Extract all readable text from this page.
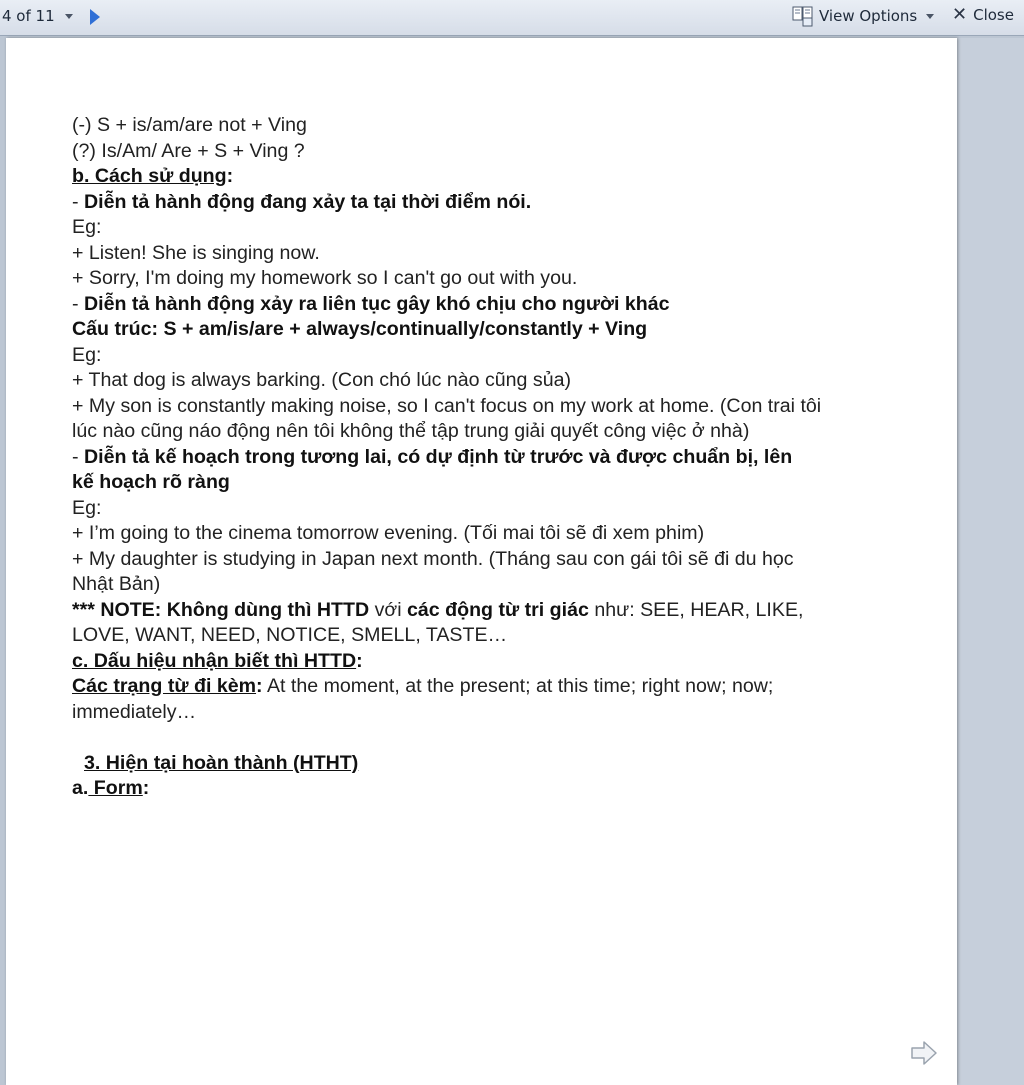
4 of 11	View Options ✕ Close
(-) S + is/am/are not + Ving
(?) Is/Am/ Are + S + Ving ?
b. Cách sử dụng:
- Diễn tả hành động đang xảy ta tại thời điểm nói.
Eg:
+ Listen! She is singing now.
+ Sorry, I'm doing my homework so I can't go out with you.
- Diễn tả hành động xảy ra liên tục gây khó chịu cho người khác
Cấu trúc: S + am/is/are + always/continually/constantly + Ving
Eg:
+ That dog is always barking. (Con chó lúc nào cũng sủa)
+ My son is constantly making noise, so I can't focus on my work at home. (Con trai tôi
lúc nào cũng náo động nên tôi không thể tập trung giải quyết công việc ở nhà)
- Diễn tả kế hoạch trong tương lai, có dự định từ trước và được chuẩn bị, lên
kế hoạch rõ ràng
Eg:
+ I’m going to the cinema tomorrow evening. (Tối mai tôi sẽ đi xem phim)
+ My daughter is studying in Japan next month. (Tháng sau con gái tôi sẽ đi du học
Nhật Bản)
*** NOTE: Không dùng thì HTTD với các động từ tri giác như: SEE, HEAR, LIKE,
LOVE, WANT, NEED, NOTICE, SMELL, TASTE…
c. Dấu hiệu nhận biết thì HTTD:
Các trạng từ đi kèm: At the moment, at the present; at this time; right now; now;
immediately…
3. Hiện tại hoàn thành (HTHT)
a. Form:
